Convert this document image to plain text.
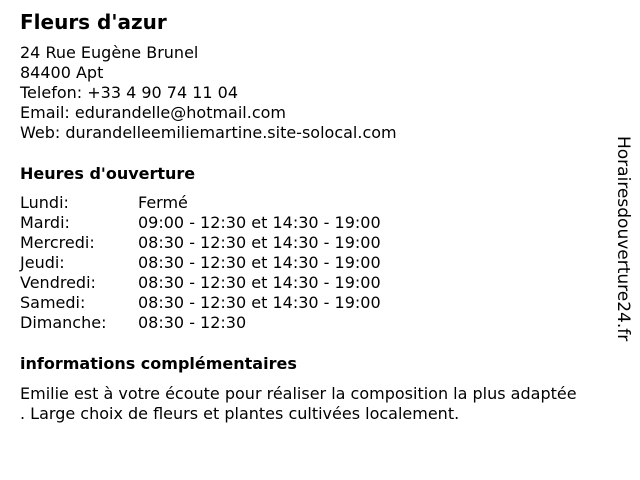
Fleurs d'azur
24 Rue Eugène Brunel
84400 Apt
Telefon: +33 4 90 74 11 04
Email: edurandelle@hotmail.com
Web: durandelleemiliemartine.site-solocal.com
Heures d'ouverture
Lundi:	Fermé
Mardi:	09:00 - 12:30 et 14:30 - 19:00
Mercredi:	08:30 - 12:30 et 14:30 - 19:00
Jeudi:	08:30 - 12:30 et 14:30 - 19:00
Vendredi:	08:30 - 12:30 et 14:30 - 19:00
Samedi:	08:30 - 12:30 et 14:30 - 19:00
Dimanche:	08:30 - 12:30
informations complémentaires
Emilie est à votre écoute pour réaliser la composition la plus adaptée
. Large choix de fleurs et plantes cultivées localement.
Horairesdouverture24.fr
